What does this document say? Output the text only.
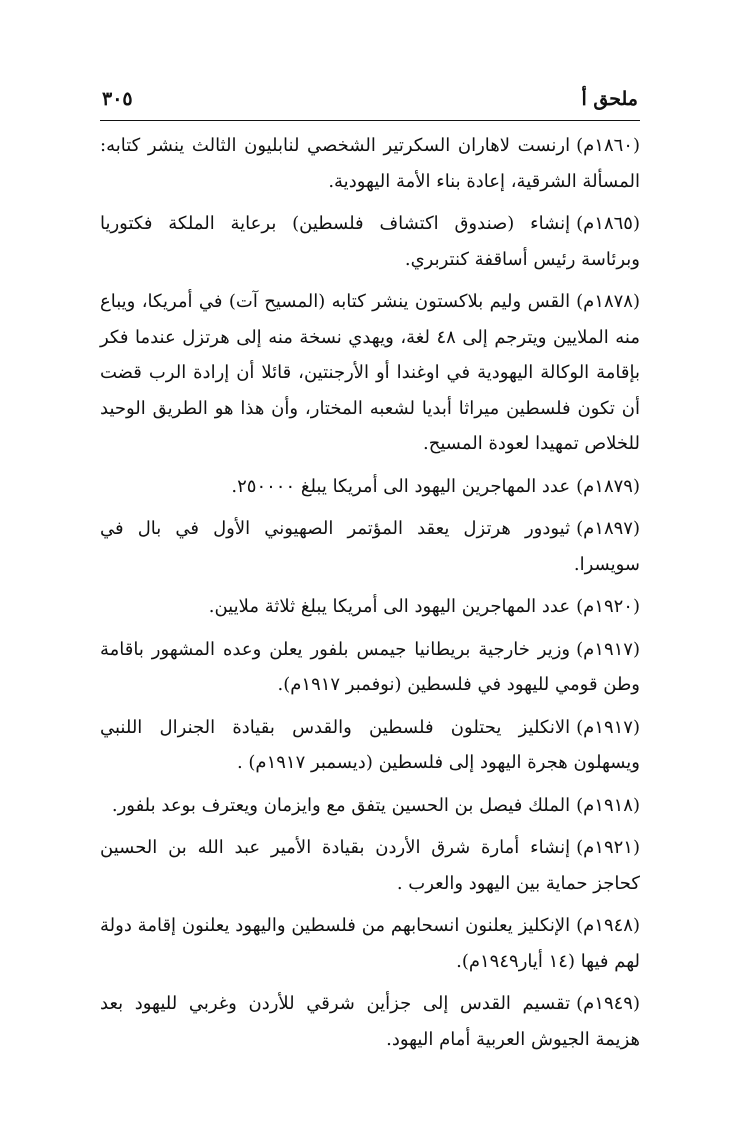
ملحق أ
٣٠٥

(١٨٦٠م)ارنست لاهاران السكرتير الشخصي لنابليون الثالث ينشر كتابه: المسألة الشرقية، إعادة بناء الأمة اليهودية.

(١٨٦٥م)إنشاء (صندوق اكتشاف فلسطين) برعاية الملكة فكتوريا وبرئاسة رئيس أساقفة كنتربري.

(١٨٧٨م)القس وليم بلاكستون ينشر كتابه (المسيح آت) في أمريكا، ويباع منه الملايين ويترجم إلى ٤٨ لغة، ويهدي نسخة منه إلى هرتزل عندما فكر بإقامة الوكالة اليهودية في اوغندا أو الأرجنتين، قائلا أن إرادة الرب قضت أن تكون فلسطين ميراثا أبديا لشعبه المختار، وأن هذا هو الطريق الوحيد للخلاص تمهيدا لعودة المسيح.

(١٨٧٩م)عدد المهاجرين اليهود الى أمريكا يبلغ ٢٥٠٠٠٠.

(١٨٩٧م)ثيودور هرتزل يعقد المؤتمر الصهيوني الأول في بال في سويسرا.

(١٩٢٠م)عدد المهاجرين اليهود الى أمريكا يبلغ ثلاثة ملايين.

(١٩١٧م)وزير خارجية بريطانيا جيمس بلفور يعلن وعده المشهور باقامة وطن قومي لليهود في فلسطين (نوفمبر ١٩١٧م).

(١٩١٧م)الانكليز يحتلون فلسطين والقدس بقيادة الجنرال اللنبي ويسهلون هجرة اليهود إلى فلسطين (ديسمبر ١٩١٧م) .

(١٩١٨م)الملك فيصل بن الحسين يتفق مع وايزمان ويعترف بوعد بلفور.

(١٩٢١م)إنشاء أمارة شرق الأردن بقيادة الأمير عبد الله بن الحسين كحاجز حماية بين اليهود والعرب .

(١٩٤٨م)الإنكليز يعلنون انسحابهم من فلسطين واليهود يعلنون إقامة دولة لهم فيها (١٤ أيار١٩٤٩م).

(١٩٤٩م)تقسيم القدس إلى جزأين شرقي للأردن وغربي لليهود بعد هزيمة الجيوش العربية أمام اليهود.
